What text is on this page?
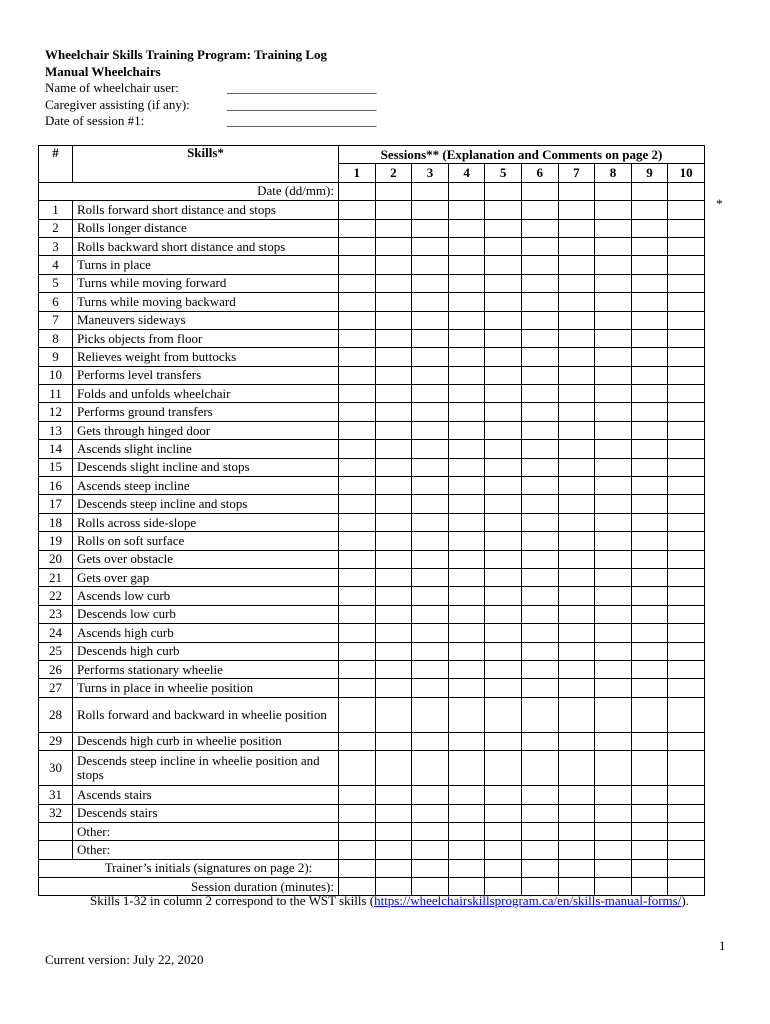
Wheelchair Skills Training Program: Training Log
Manual Wheelchairs
Name of wheelchair user:	_______________________
Caregiver assisting (if any):	_______________________
Date of session #1:	_______________________
#	Skills*	Sessions** (Explanation and Comments on page 2)									
		1	2	3	4	5	6	7	8	9	10
Date (dd/mm):											
1	Rolls forward short distance and stops										
2	Rolls longer distance										
3	Rolls backward short distance and stops										
4	Turns in place										
5	Turns while moving forward										
6	Turns while moving backward										
7	Maneuvers sideways										
8	Picks objects from floor										
9	Relieves weight from buttocks										
10	Performs level transfers										
11	Folds and unfolds wheelchair										
12	Performs ground transfers										
13	Gets through hinged door										
14	Ascends slight incline										
15	Descends slight incline and stops										
16	Ascends steep incline										
17	Descends steep incline and stops										
18	Rolls across side-slope										
19	Rolls on soft surface										
20	Gets over obstacle										
21	Gets over gap										
22	Ascends low curb										
23	Descends low curb										
24	Ascends high curb										
25	Descends high curb										
26	Performs stationary wheelie										
27	Turns in place in wheelie position										
28	Rolls forward and backward in wheelie position										
29	Descends high curb in wheelie position										
30	Descends steep incline in wheelie position and stops										
31	Ascends stairs										
32	Descends stairs										
	Other:										
	Other:										
Trainer’s initials (signatures on page 2):											
Session duration (minutes):											
*
Skills 1-32 in column 2 correspond to the WST skills (https://wheelchairskillsprogram.ca/en/skills-manual-forms/).
1
Current version: July 22, 2020
